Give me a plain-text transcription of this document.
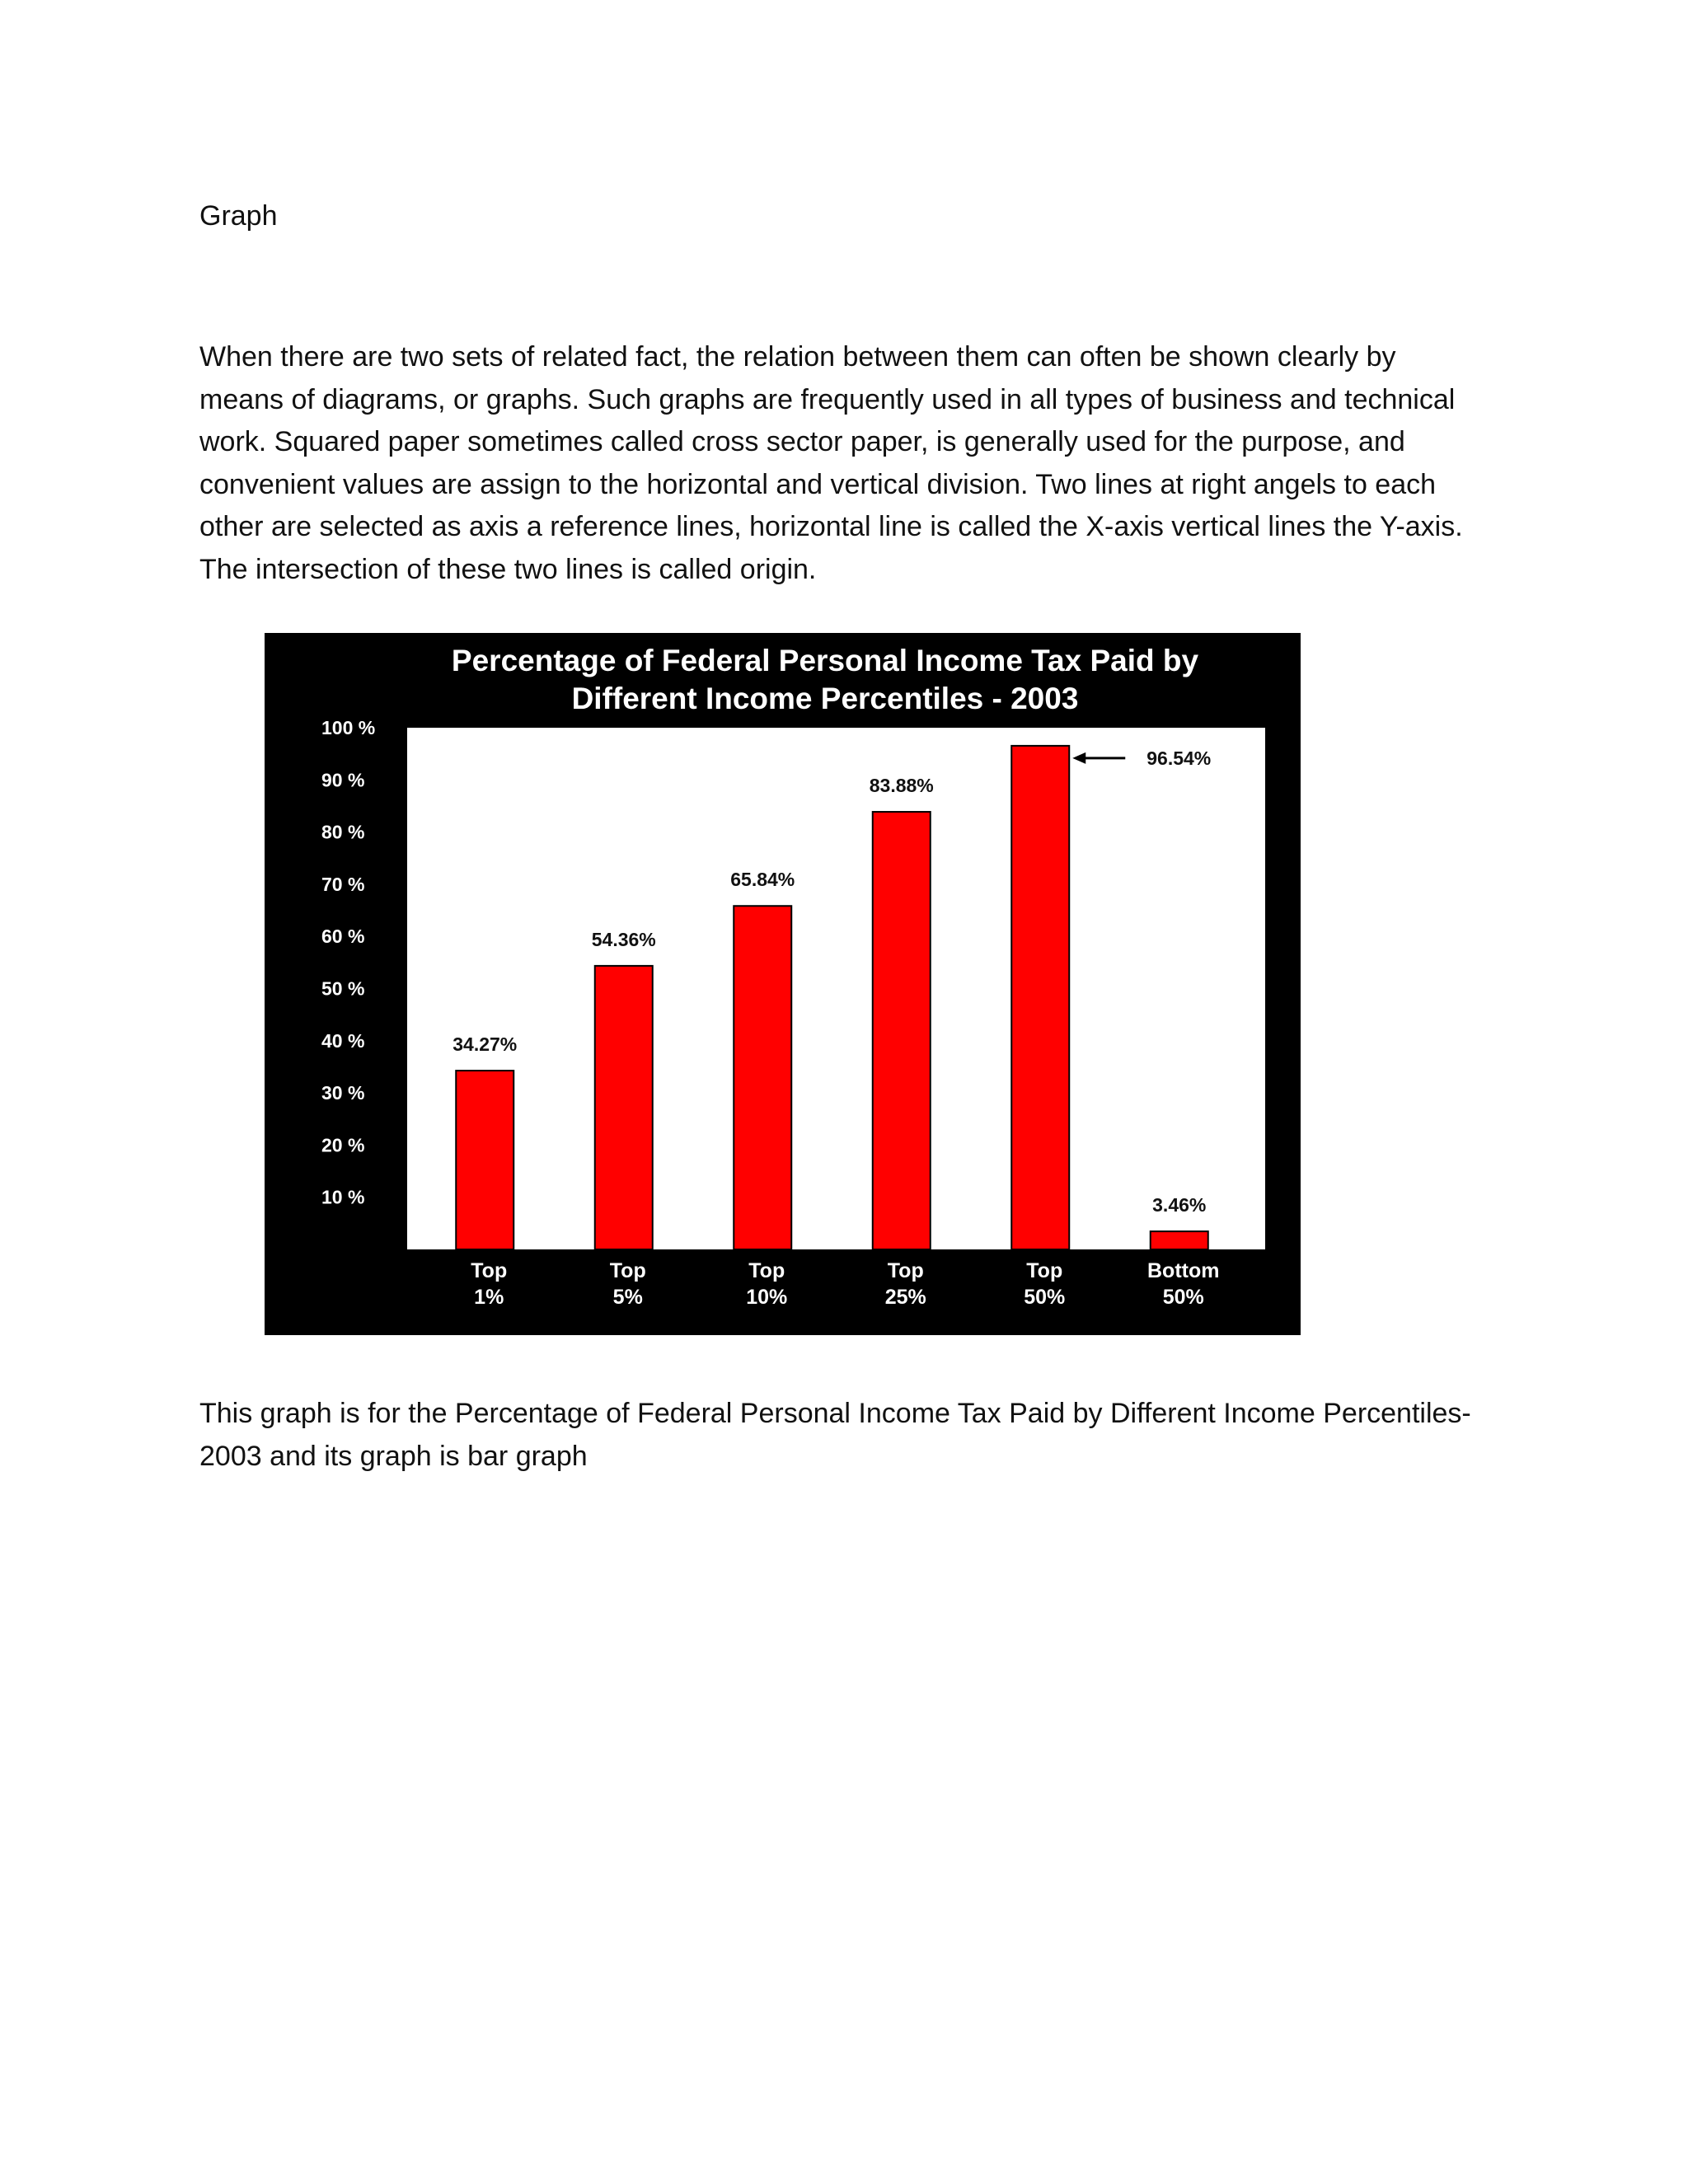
Graph

When there are two sets of related fact, the relation between them can often be shown clearly by
means of diagrams, or graphs. Such graphs are frequently used in all types of business and technical
work. Squared paper sometimes called cross sector paper, is generally used for the purpose, and
convenient values are assign to the horizontal and vertical division. Two lines at right angels to each
other are selected as axis a reference lines, horizontal line is called the X-axis vertical lines the Y-axis.
The intersection of these two lines is called origin.

Percentage of Federal Personal Income Tax Paid by
Different Income Percentiles - 2003
10 %
20 %
30 %
40 %
50 %
60 %
70 %
80 %
90 %
100 %
34.27%
54.36%
65.84%
83.88%
3.46%
Top
1%
Top
5%
Top
10%
Top
25%
Top
50%
Bottom
50%
96.54%

This graph is for the Percentage of Federal Personal Income Tax Paid by Different Income Percentiles-
2003 and its graph is bar graph
